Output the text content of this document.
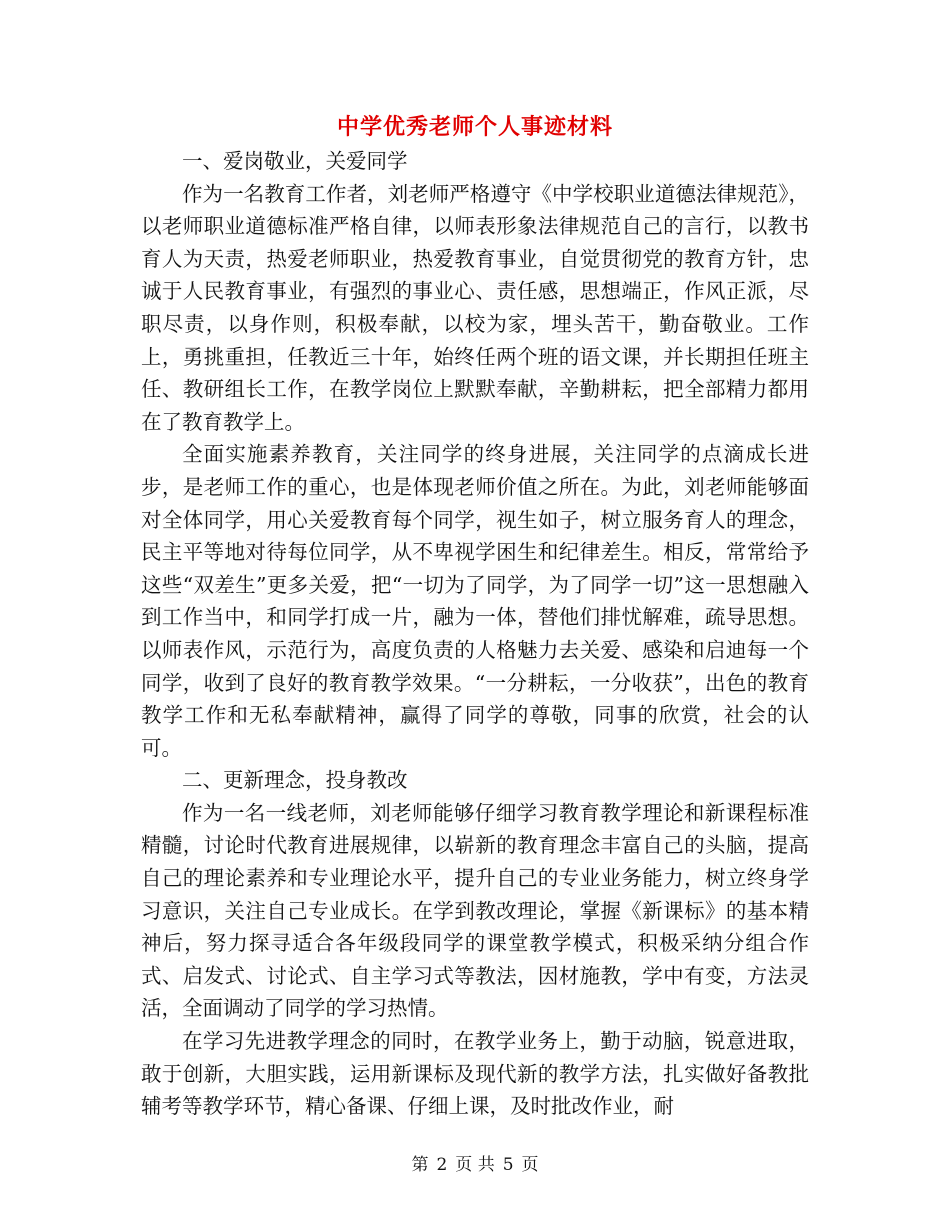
中学优秀老师个人事迹材料

一、爱岗敬业，关爱同学

作为一名教育工作者，刘老师严格遵守《中学校职业道德法律规范》，以老师职业道德标准严格自律，以师表形象法律规范自己的言行，以教书育人为天责，热爱老师职业，热爱教育事业，自觉贯彻党的教育方针，忠诚于人民教育事业，有强烈的事业心、责任感，思想端正，作风正派，尽职尽责，以身作则，积极奉献，以校为家，埋头苦干，勤奋敬业。工作上，勇挑重担，任教近三十年，始终任两个班的语文课，并长期担任班主任、教研组长工作，在教学岗位上默默奉献，辛勤耕耘，把全部精力都用在了教育教学上。

全面实施素养教育，关注同学的终身进展，关注同学的点滴成长进步，是老师工作的重心，也是体现老师价值之所在。为此，刘老师能够面对全体同学，用心关爱教育每个同学，视生如子，树立服务育人的理念，民主平等地对待每位同学，从不卑视学困生和纪律差生。相反，常常给予这些“双差生”更多关爱，把“一切为了同学，为了同学一切”这一思想融入到工作当中，和同学打成一片，融为一体，替他们排忧解难，疏导思想。以师表作风，示范行为，高度负责的人格魅力去关爱、感染和启迪每一个同学，收到了良好的教育教学效果。“一分耕耘，一分收获”，出色的教育教学工作和无私奉献精神，赢得了同学的尊敬，同事的欣赏，社会的认可。

二、更新理念，投身教改

作为一名一线老师，刘老师能够仔细学习教育教学理论和新课程标准精髓，讨论时代教育进展规律，以崭新的教育理念丰富自己的头脑，提高自己的理论素养和专业理论水平，提升自己的专业业务能力，树立终身学习意识，关注自己专业成长。在学到教改理论，掌握《新课标》的基本精神后，努力探寻适合各年级段同学的课堂教学模式，积极采纳分组合作式、启发式、讨论式、自主学习式等教法，因材施教，学中有变，方法灵活，全面调动了同学的学习热情。

在学习先进教学理念的同时，在教学业务上，勤于动脑，锐意进取，敢于创新，大胆实践，运用新课标及现代新的教学方法，扎实做好备教批辅考等教学环节，精心备课、仔细上课，及时批改作业，耐

第 2 页 共 5 页
